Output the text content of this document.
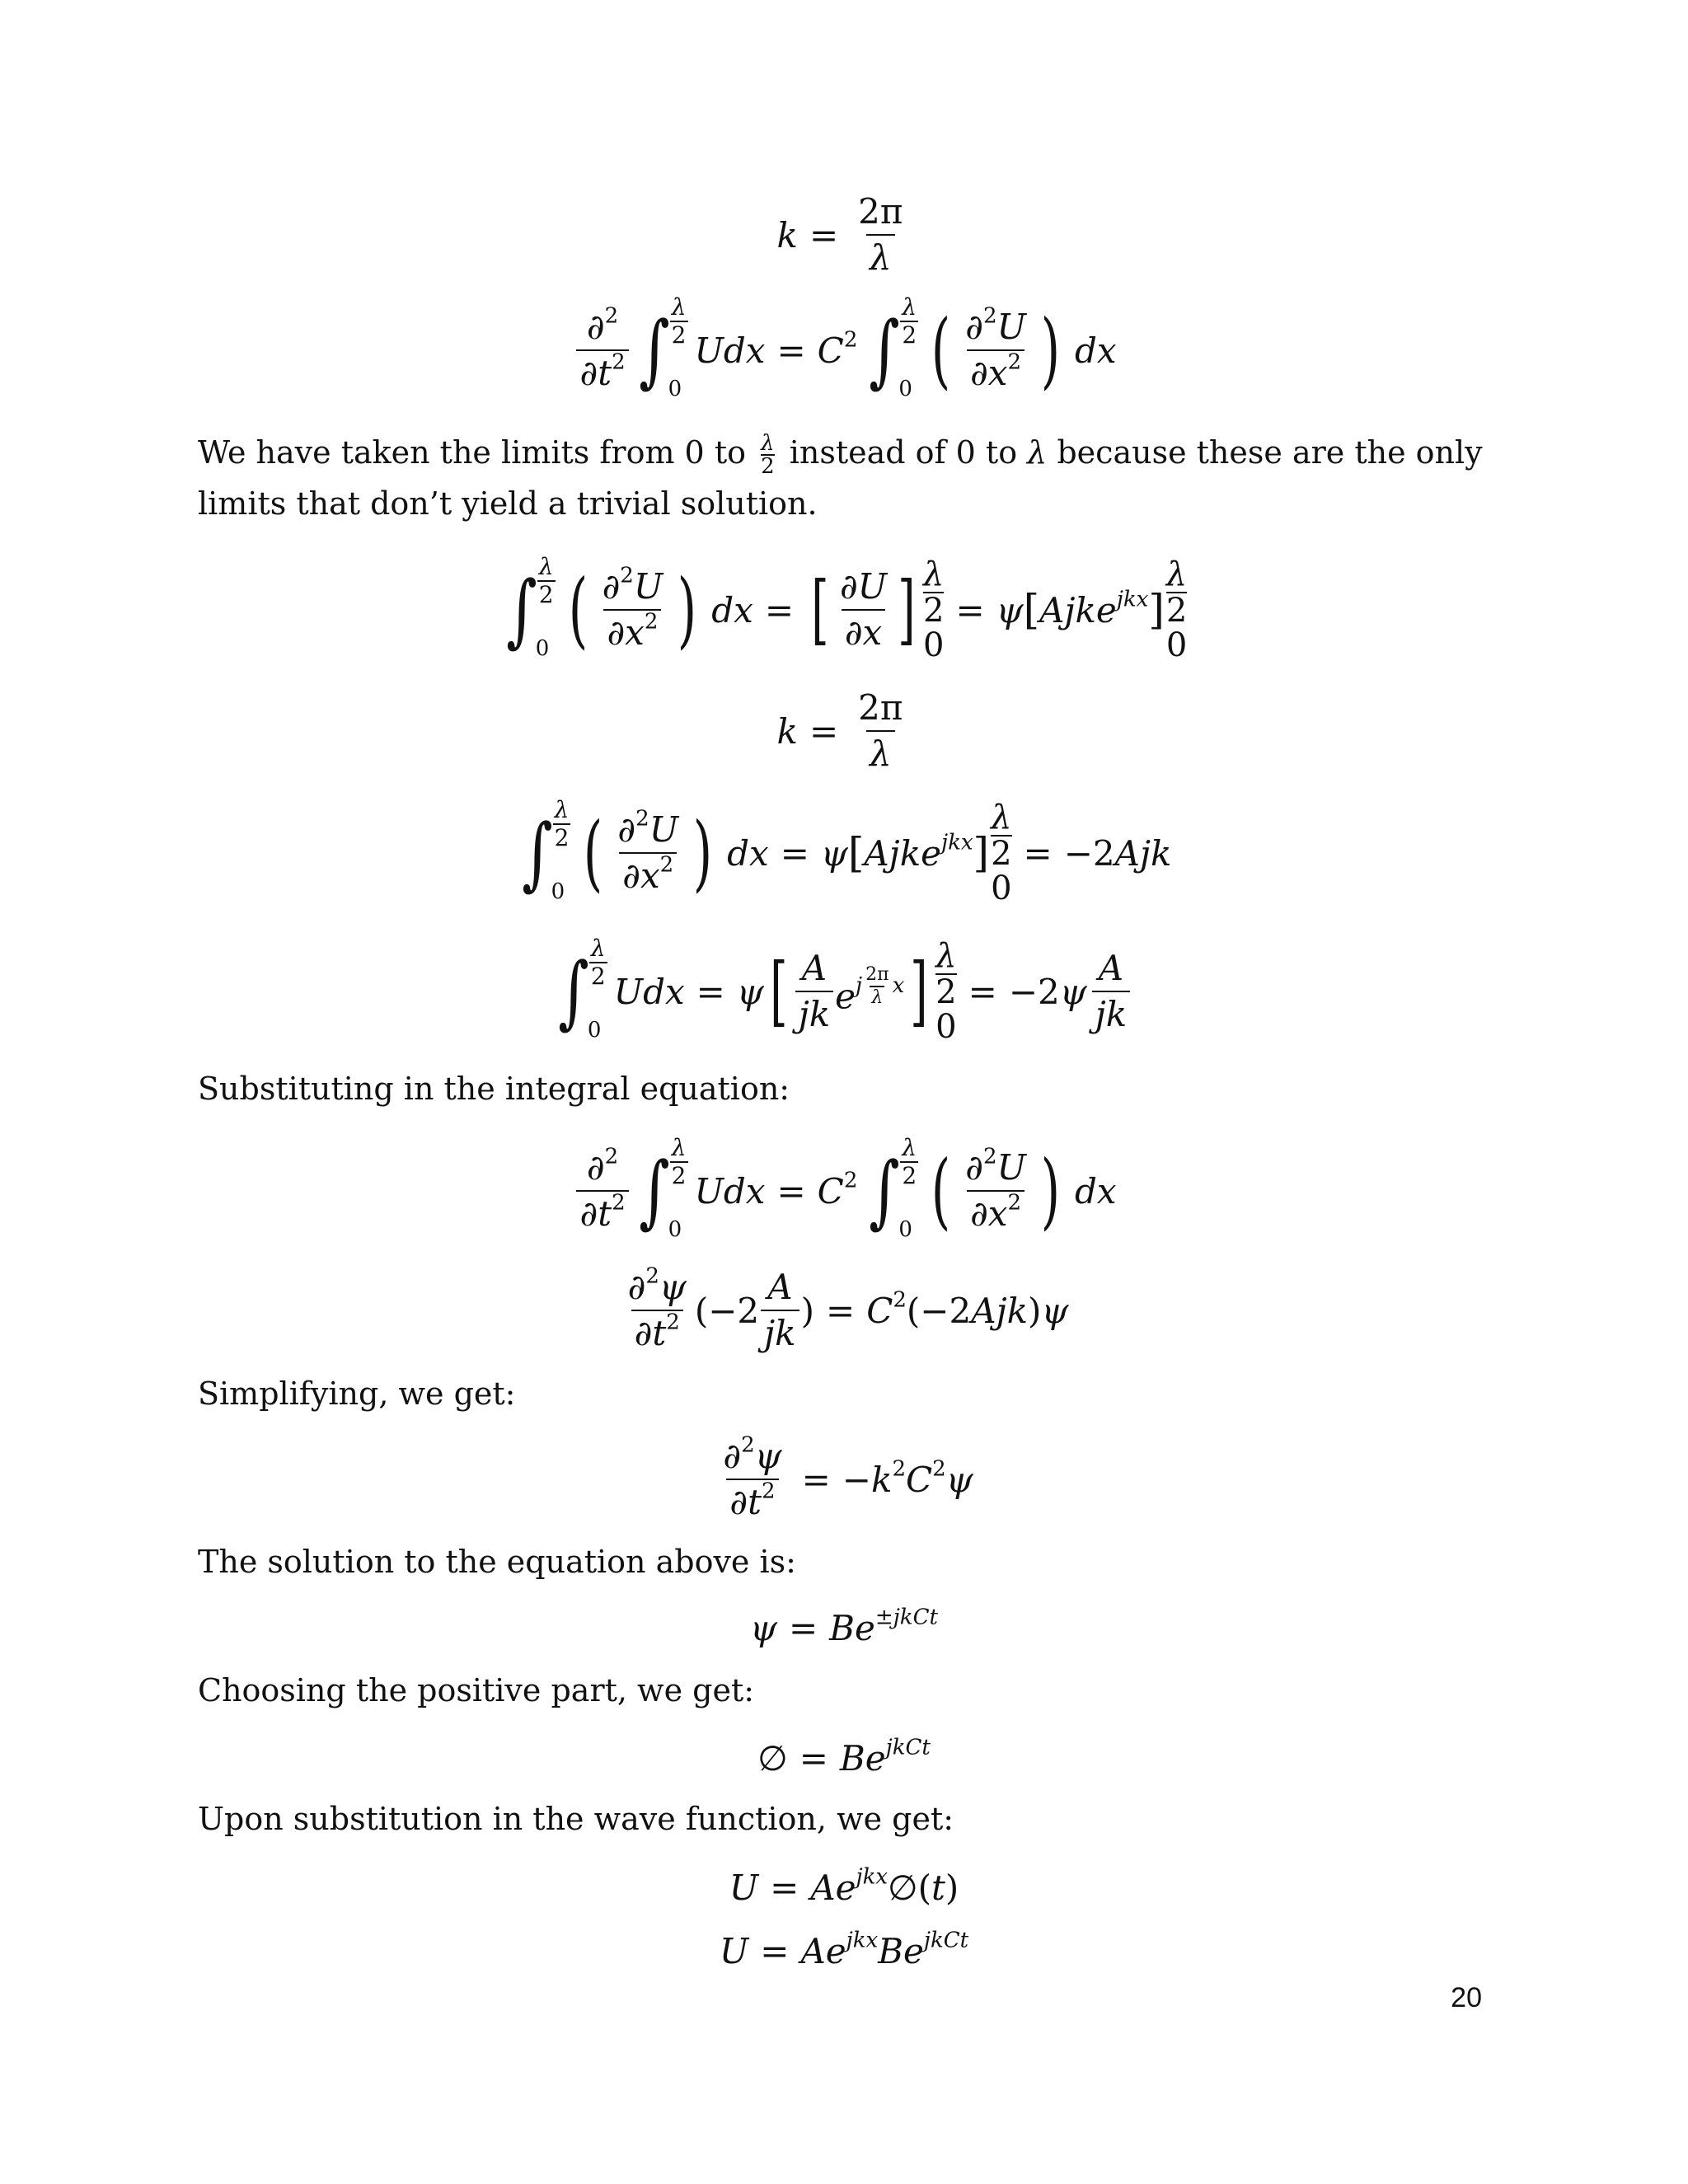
$k = \frac{2\pi}{\lambda}$
$\frac{\partial^2}{\partial t^2}$ ∫ $\frac{\lambda}{2}$
0
Udx = $C^2$ ∫ $\frac{\lambda}{2}$
0 ( $\frac{\partial^2U}{\partial x^2}$ ) dx
We have taken the limits from 0 to $\frac{\lambda}{2}$ instead of 0 to λ because these are the only limits that don’t yield a trivial solution.
∫ $\frac{\lambda}{2}$
0 ( $\frac{\partial^2U}{\partial x^2}$ ) dx = [ $\frac{\partial U}{\partial x}$ ] λ
2
0
= ψ [ Ajke$^{jkx}$ ]
λ
2
0
$k = \frac{2\pi}{\lambda}$
∫ $\frac{\lambda}{2}$
0 ( $\frac{\partial^2U}{\partial x^2}$ ) dx = ψ [ Ajke$^{jkx}$ ]
λ
2
0
= −2Ajk
∫ $\frac{\lambda}{2}$
0
Udx = ψ [ $\frac{A}{jk} e^{j \frac{2\pi}{\lambda} x}$ ] λ
2
0
= $-2\psi \frac{A}{jk}$
Substituting in the integral equation:
$\frac{\partial^2}{\partial t^2}$ ∫ $\frac{\lambda}{2}$
0
Udx = $C^2$ ∫ $\frac{\lambda}{2}$
0 ( $\frac{\partial^2U}{\partial x^2}$ ) dx
$\frac{\partial^2\psi}{\partial t^2} (-2 \frac{A}{jk}$ ) = $C^2(-2Ajk)\psi$
Simplifying, we get:
$\frac{\partial^2\psi}{\partial t^2} = -k^2C^2\psi$
The solution to the equation above is:
$\psi = Be^{\pm jkCt}$
Choosing the positive part, we get:
∅ = $Be^{jkCt}$
Upon substitution in the wave function, we get:
$U = Ae^{jkx}\emptyset(t)$
$U = Ae^{jkx}Be^{jkCt}$
20
